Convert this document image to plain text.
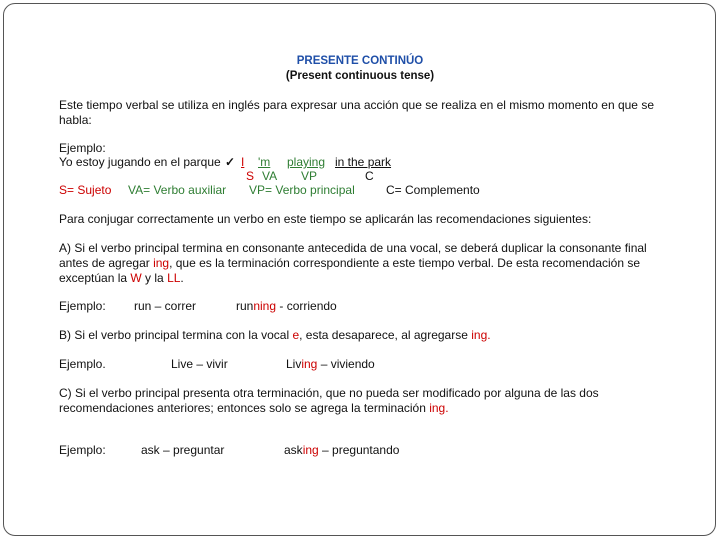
PRESENTE CONTINÚO
(Present continuous tense)
Este tiempo verbal se utiliza en inglés para expresar una acción que se realiza en el mismo momento en que se habla:
Ejemplo:
Yo estoy jugando en el parque ✓ I 'm playing in the park
S VA VP	C
S= Sujeto VA= Verbo auxiliar VP= Verbo principal	C= Complemento
Para conjugar correctamente un verbo en este tiempo se aplicarán las recomendaciones siguientes:
A) Si el verbo principal termina en consonante antecedida de una vocal, se deberá duplicar la consonante final antes de agregar ing, que es la terminación correspondiente a este tiempo verbal. De esta recomendación se exceptúan la W y la LL.
Ejemplo: run – correr	running - corriendo
B) Si el verbo principal termina con la vocal e, esta desaparece, al agregarse ing.
Ejemplo.	Live – vivir	Living – viviendo
C) Si el verbo principal presenta otra terminación, que no pueda ser modificado por alguna de las dos recomendaciones anteriores; entonces solo se agrega la terminación ing.
Ejemplo:	ask – preguntar	asking – preguntando
